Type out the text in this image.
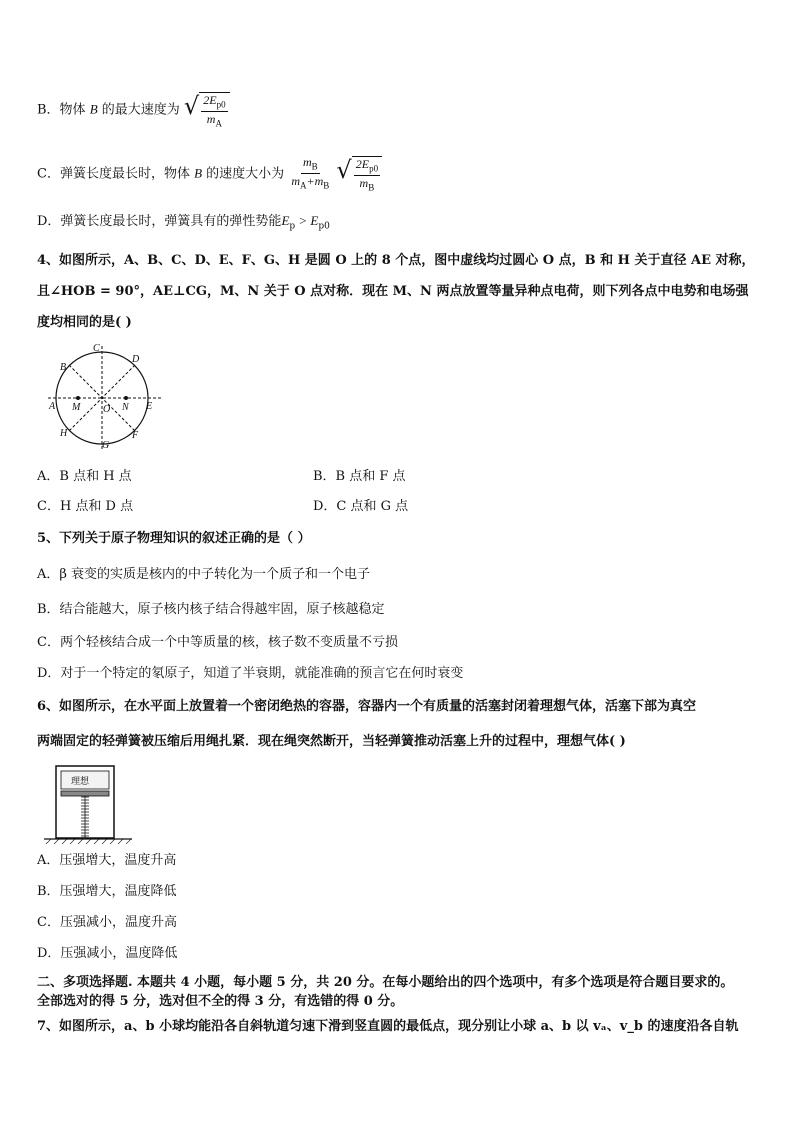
B．物体 B 的最大速度为 √ $\frac{2E_{p0}}{m_A}$
C．弹簧长度最长时，物体 B 的速度大小为 $\frac{m_B}{m_A+m_B}$
√ $\frac{2E_{p0}}{m_B}$
D．弹簧长度最长时，弹簧具有的弹性势能$E_p > E_{p0}$
4、如图所示，A、B、C、D、E、F、G、H 是圆 O 上的 8 个点，图中虚线均过圆心 O 点，B 和 H 关于直径 AE 对称，
且∠HOB = 90°，AE⊥CG，M、N 关于 O 点对称．现在 M、N 两点放置等量异种点电荷，则下列各点中电势和电场强
度均相同的是( )
C
D
B
A M O N E
H	F
G
A．B 点和 H 点	B．B 点和 F 点
C．H 点和 D 点	D．C 点和 G 点
5、下列关于原子物理知识的叙述正确的是（ ）
A．β 衰变的实质是核内的中子转化为一个质子和一个电子
B．结合能越大，原子核内核子结合得越牢固，原子核越稳定
C．两个轻核结合成一个中等质量的核，核子数不变质量不亏损
D．对于一个特定的氡原子，知道了半衰期，就能准确的预言它在何时衰变
6、如图所示，在水平面上放置着一个密闭绝热的容器，容器内一个有质量的活塞封闭着理想气体，活塞下部为真空
两端固定的轻弹簧被压缩后用绳扎紧．现在绳突然断开，当轻弹簧推动活塞上升的过程中，理想气体( )
理想
A．压强增大，温度升高
B．压强增大，温度降低
C．压强减小，温度升高
D．压强减小，温度降低
二、多项选择题. 本题共 4 小题，每小题 5 分，共 20 分。在每小题给出的四个选项中，有多个选项是符合题目要求的。
全部选对的得 5 分，选对但不全的得 3 分，有选错的得 0 分。
7、如图所示，a、b 小球均能沿各自斜轨道匀速下滑到竖直圆的最低点，现分别让小球 a、b 以 vₐ、v_b 的速度沿各自轨
